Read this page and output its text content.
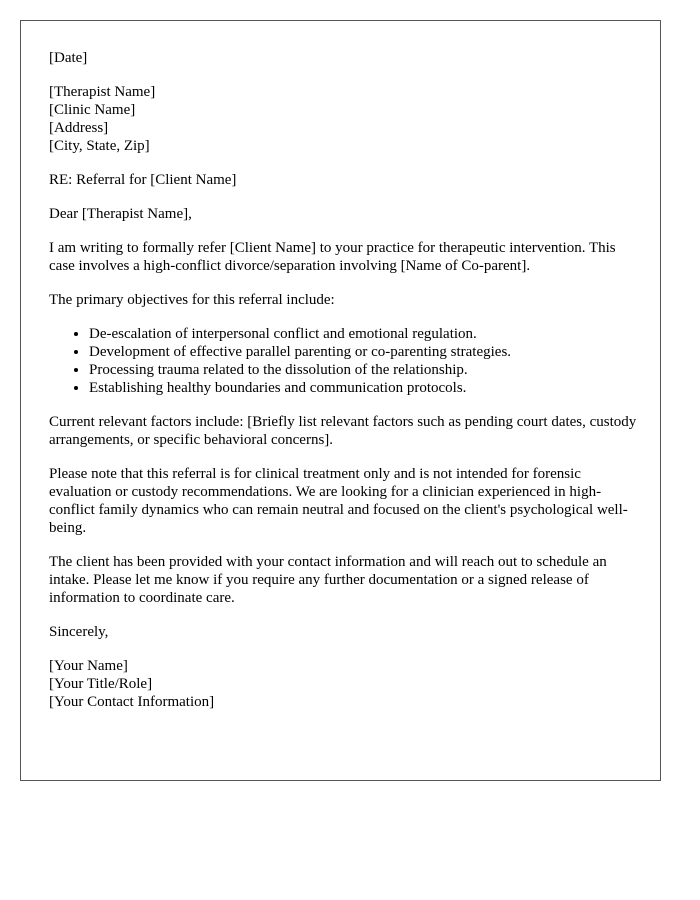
[Date]

[Therapist Name]
[Clinic Name]
[Address]
[City, State, Zip]

RE: Referral for [Client Name]

Dear [Therapist Name],

I am writing to formally refer [Client Name] to your practice for therapeutic intervention. This case involves a high-conflict divorce/separation involving [Name of Co-parent].

The primary objectives for this referral include:

• De-escalation of interpersonal conflict and emotional regulation.
• Development of effective parallel parenting or co-parenting strategies.
• Processing trauma related to the dissolution of the relationship.
• Establishing healthy boundaries and communication protocols.

Current relevant factors include: [Briefly list relevant factors such as pending court dates, custody arrangements, or specific behavioral concerns].

Please note that this referral is for clinical treatment only and is not intended for forensic evaluation or custody recommendations. We are looking for a clinician experienced in high-conflict family dynamics who can remain neutral and focused on the client's psychological well-being.

The client has been provided with your contact information and will reach out to schedule an intake. Please let me know if you require any further documentation or a signed release of information to coordinate care.

Sincerely,

[Your Name]
[Your Title/Role]
[Your Contact Information]
